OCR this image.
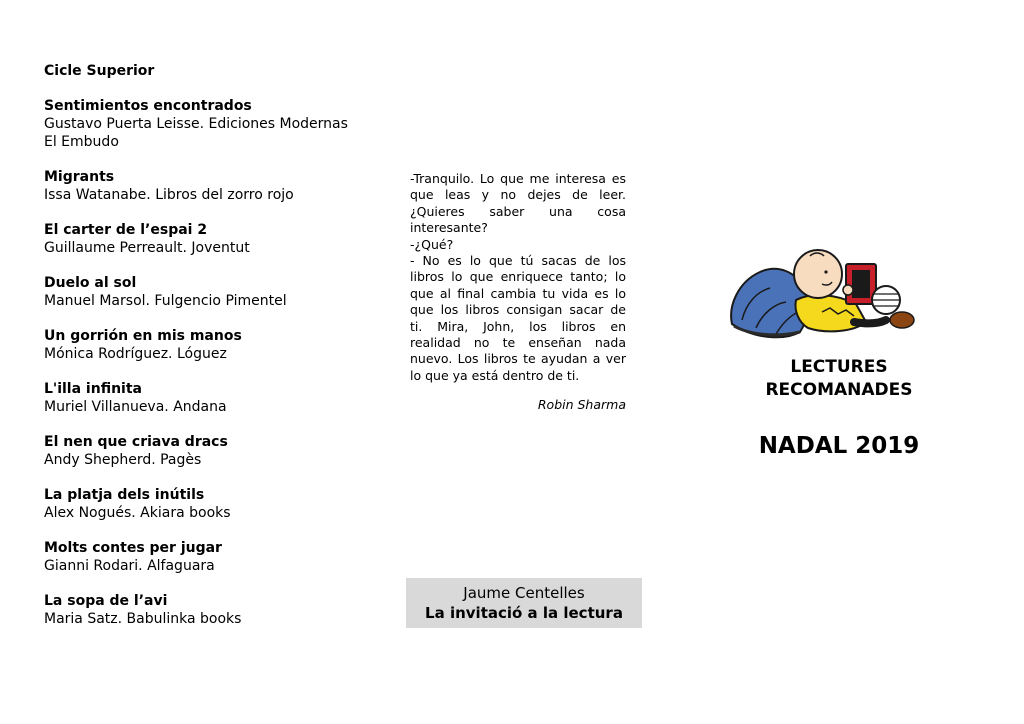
Cicle Superior
Sentimientos encontrados
Gustavo Puerta Leisse. Ediciones Modernas
El Embudo
Migrants
Issa Watanabe. Libros del zorro rojo
El carter de l’espai 2
Guillaume Perreault. Joventut
Duelo al sol
Manuel Marsol. Fulgencio Pimentel
Un gorrión en mis manos
Mónica Rodríguez. Lóguez
L'illa infinita
Muriel Villanueva. Andana
El nen que criava dracs
Andy Shepherd. Pagès
La platja dels inútils
Alex Nogués. Akiara books
Molts contes per jugar
Gianni Rodari. Alfaguara
La sopa de l’avi
Maria Satz. Babulinka books

-Tranquilo. Lo que me interesa es que leas y no dejes de leer. ¿Quieres saber una cosa interesante?

-¿Qué?

- No es lo que tú sacas de los libros lo que enriquece tanto; lo que al final cambia tu vida es lo que los libros consigan sacar de ti. Mira, John, los libros en realidad no te enseñan nada nuevo. Los libros te ayudan a ver lo que ya está dentro de ti.

Robin Sharma
Jaume Centelles
La invitació a la lectura
LECTURES
RECOMANADES
NADAL 2019
